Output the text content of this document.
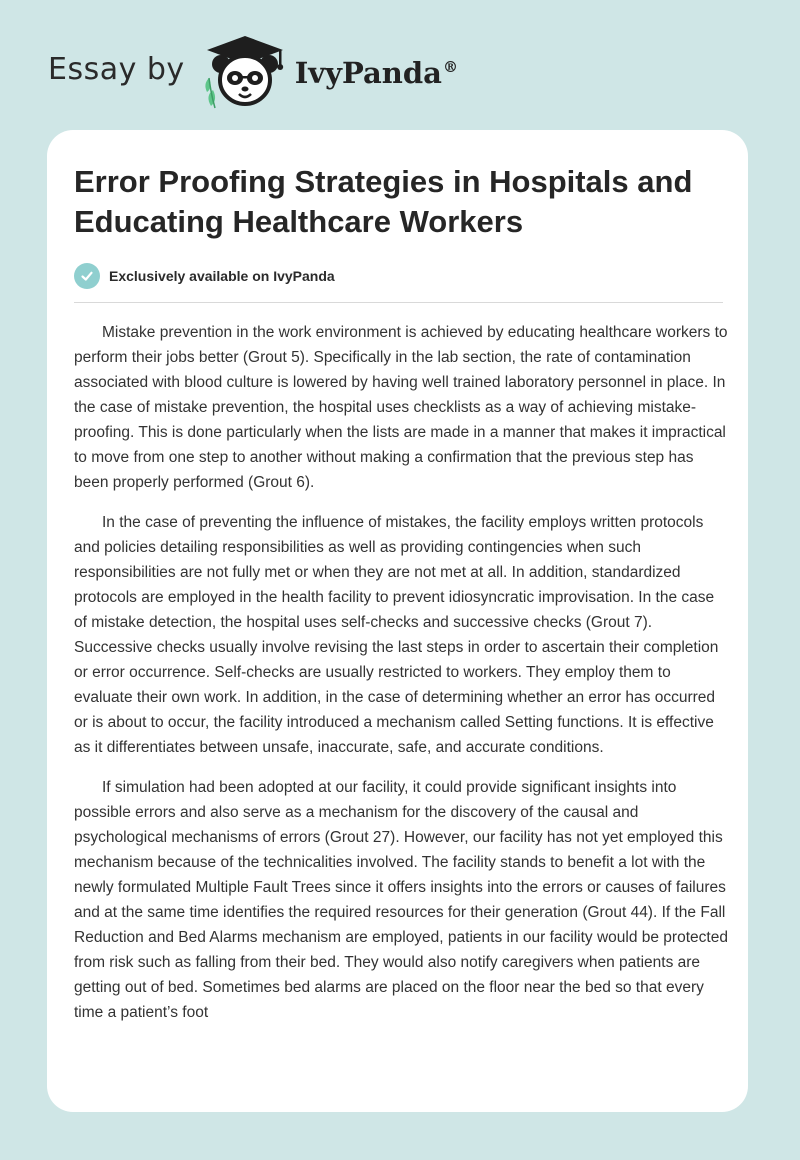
Essay by	IvyPanda®
Error Proofing Strategies in Hospitals and Educating Healthcare Workers
Exclusively available on IvyPanda

Mistake prevention in the work environment is achieved by educating healthcare workers to perform their jobs better (Grout 5). Specifically in the lab section, the rate of contamination associated with blood culture is lowered by having well trained laboratory personnel in place. In the case of mistake prevention, the hospital uses checklists as a way of achieving mistake-proofing. This is done particularly when the lists are made in a manner that makes it impractical to move from one step to another without making a confirmation that the previous step has been properly performed (Grout 6).

In the case of preventing the influence of mistakes, the facility employs written protocols and policies detailing responsibilities as well as providing contingencies when such responsibilities are not fully met or when they are not met at all. In addition, standardized protocols are employed in the health facility to prevent idiosyncratic improvisation. In the case of mistake detection, the hospital uses self-checks and successive checks (Grout 7). Successive checks usually involve revising the last steps in order to ascertain their completion or error occurrence. Self-checks are usually restricted to workers. They employ them to evaluate their own work. In addition, in the case of determining whether an error has occurred or is about to occur, the facility introduced a mechanism called Setting functions. It is effective as it differentiates between unsafe, inaccurate, safe, and accurate conditions.

If simulation had been adopted at our facility, it could provide significant insights into possible errors and also serve as a mechanism for the discovery of the causal and psychological mechanisms of errors (Grout 27). However, our facility has not yet employed this mechanism because of the technicalities involved. The facility stands to benefit a lot with the newly formulated Multiple Fault Trees since it offers insights into the errors or causes of failures and at the same time identifies the required resources for their generation (Grout 44). If the Fall Reduction and Bed Alarms mechanism are employed, patients in our facility would be protected from risk such as falling from their bed. They would also notify caregivers when patients are getting out of bed. Sometimes bed alarms are placed on the floor near the bed so that every time a patient’s foot
